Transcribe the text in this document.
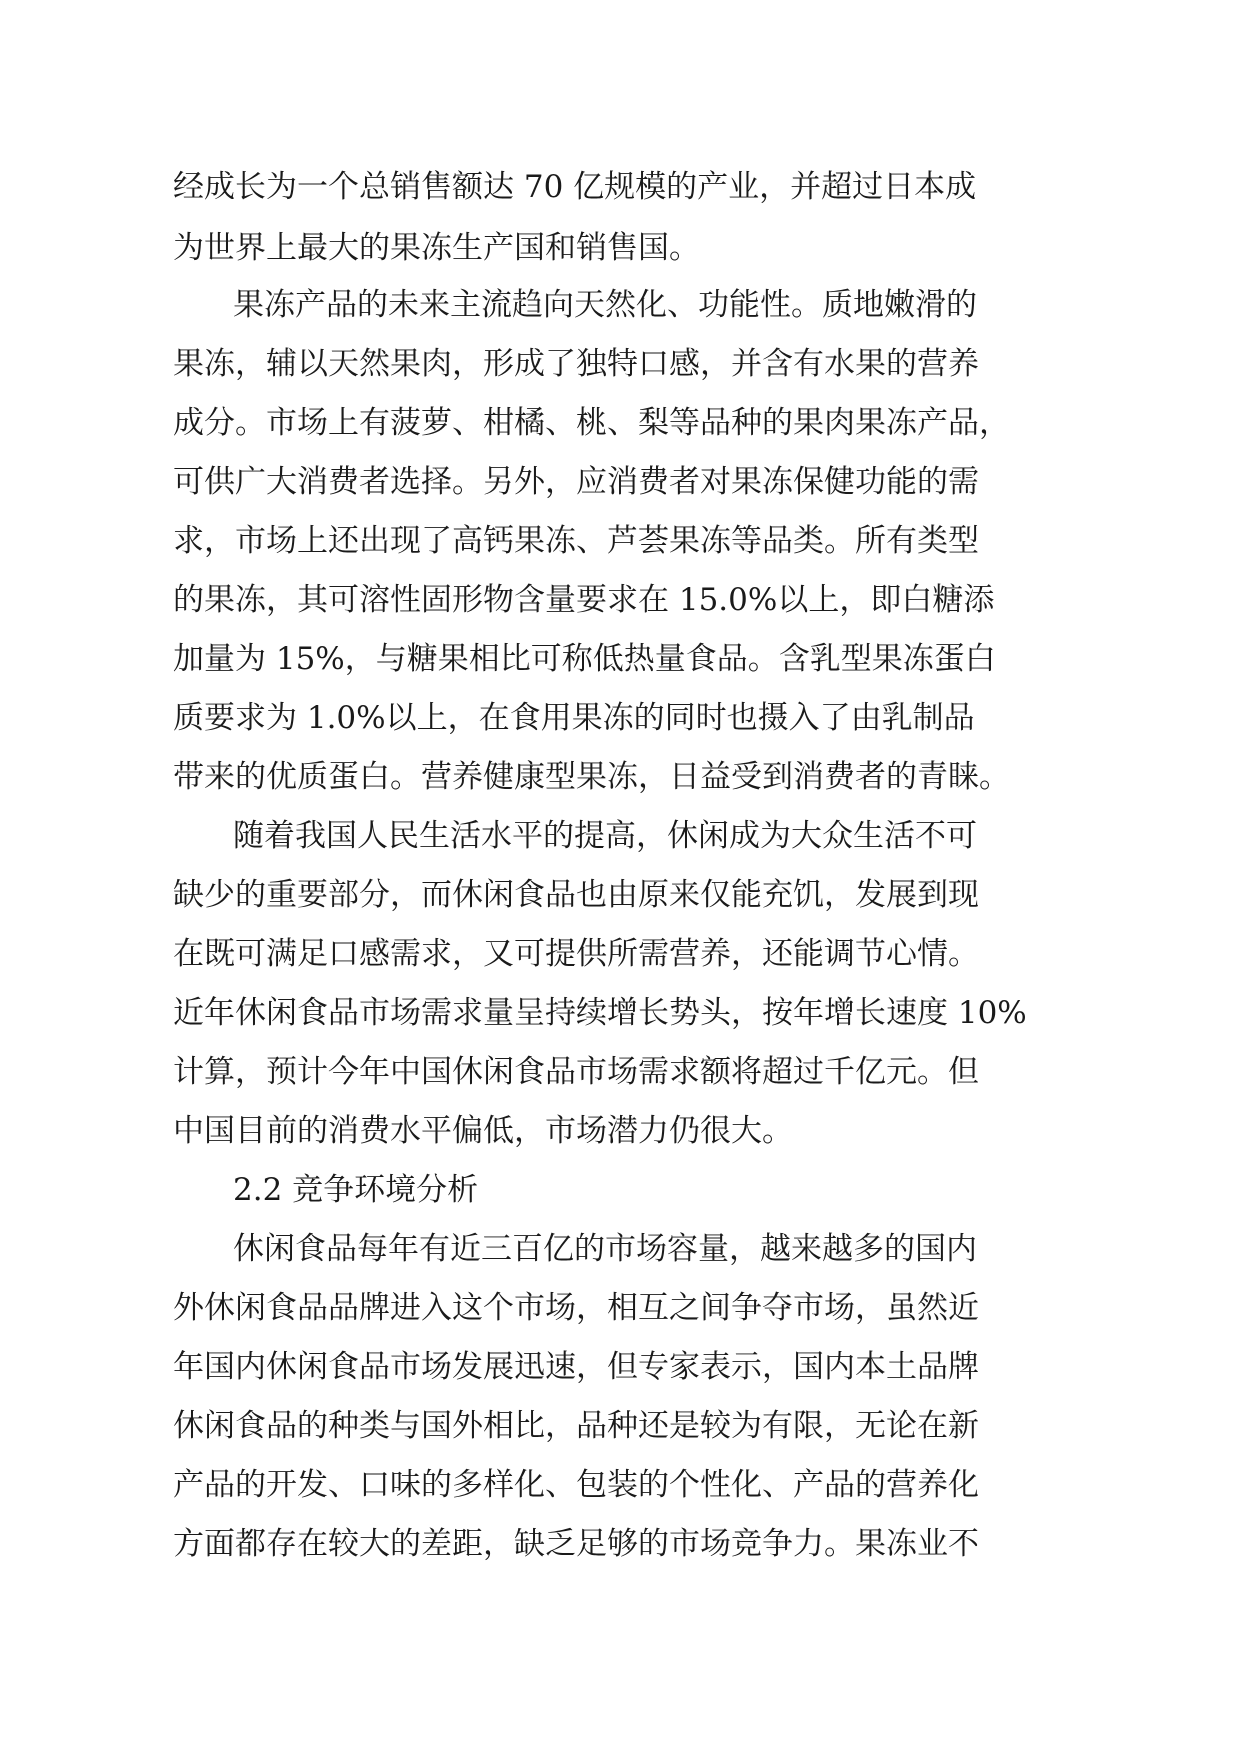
经成长为一个总销售额达 70 亿规模的产业，并超过日本成
为世界上最大的果冻生产国和销售国。
果冻产品的未来主流趋向天然化、功能性。质地嫩滑的
果冻，辅以天然果肉，形成了独特口感，并含有水果的营养
成分。市场上有菠萝、柑橘、桃、梨等品种的果肉果冻产品，
可供广大消费者选择。另外，应消费者对果冻保健功能的需
求，市场上还出现了高钙果冻、芦荟果冻等品类。所有类型
的果冻，其可溶性固形物含量要求在 15.0%以上，即白糖添
加量为 15%，与糖果相比可称低热量食品。含乳型果冻蛋白
质要求为 1.0%以上，在食用果冻的同时也摄入了由乳制品
带来的优质蛋白。营养健康型果冻，日益受到消费者的青睐。
随着我国人民生活水平的提高，休闲成为大众生活不可
缺少的重要部分，而休闲食品也由原来仅能充饥，发展到现
在既可满足口感需求，又可提供所需营养，还能调节心情。
近年休闲食品市场需求量呈持续增长势头，按年增长速度 10%
计算，预计今年中国休闲食品市场需求额将超过千亿元。但
中国目前的消费水平偏低，市场潜力仍很大。
2.2 竞争环境分析
休闲食品每年有近三百亿的市场容量，越来越多的国内
外休闲食品品牌进入这个市场，相互之间争夺市场，虽然近
年国内休闲食品市场发展迅速，但专家表示，国内本土品牌
休闲食品的种类与国外相比，品种还是较为有限，无论在新
产品的开发、口味的多样化、包装的个性化、产品的营养化
方面都存在较大的差距，缺乏足够的市场竞争力。果冻业不
